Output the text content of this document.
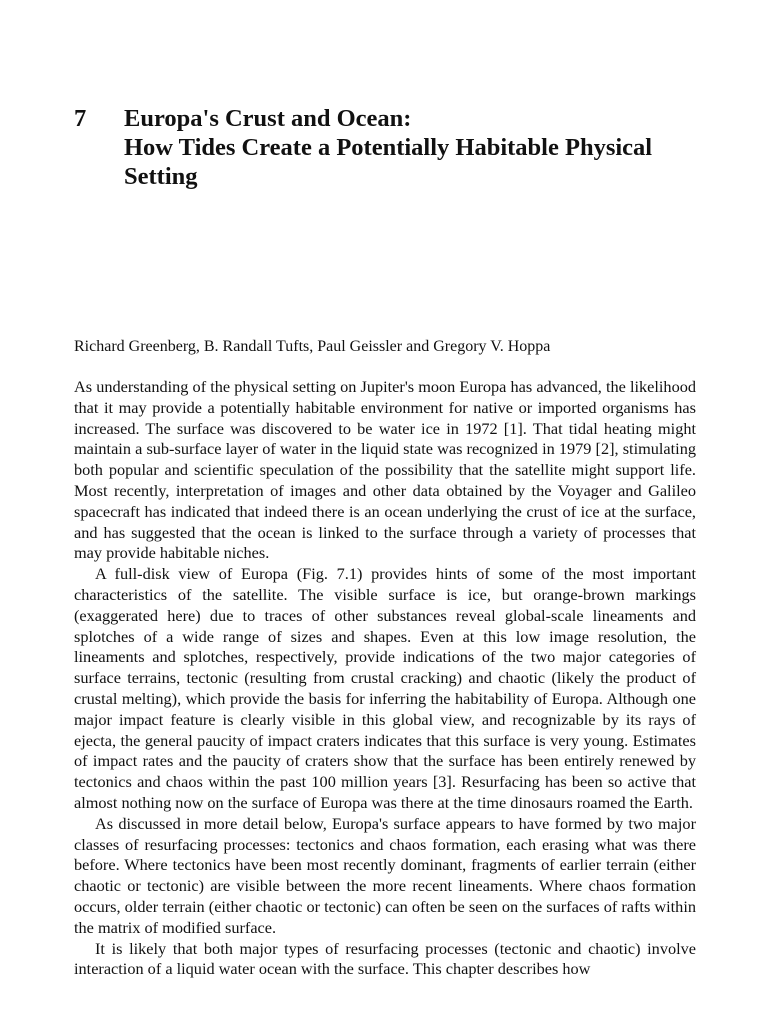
7	Europa's Crust and Ocean:
How Tides Create a Potentially Habitable Physical
Setting
Richard Greenberg, B. Randall Tufts, Paul Geissler and Gregory V. Hoppa

As understanding of the physical setting on Jupiter's moon Europa has advanced, the likelihood that it may provide a potentially habitable environment for native or imported organisms has increased. The surface was discovered to be water ice in 1972 [1]. That tidal heating might maintain a sub-surface layer of water in the liquid state was recognized in 1979 [2], stimulating both popular and scientific speculation of the possibility that the satellite might support life. Most recently, interpretation of images and other data obtained by the Voyager and Galileo spacecraft has indicated that indeed there is an ocean underlying the crust of ice at the surface, and has suggested that the ocean is linked to the surface through a variety of processes that may provide habitable niches.

A full-disk view of Europa (Fig. 7.1) provides hints of some of the most important characteristics of the satellite. The visible surface is ice, but orange-brown markings (exaggerated here) due to traces of other substances reveal global-scale lineaments and splotches of a wide range of sizes and shapes. Even at this low image resolution, the lineaments and splotches, respectively, provide indications of the two major categories of surface terrains, tectonic (resulting from crustal cracking) and chaotic (likely the product of crustal melting), which provide the basis for inferring the habitability of Europa. Although one major impact feature is clearly visible in this global view, and recognizable by its rays of ejecta, the general paucity of impact craters indicates that this surface is very young. Estimates of impact rates and the paucity of craters show that the surface has been entirely renewed by tectonics and chaos within the past 100 million years [3]. Resurfacing has been so active that almost nothing now on the surface of Europa was there at the time dinosaurs roamed the Earth.

As discussed in more detail below, Europa's surface appears to have formed by two major classes of resurfacing processes: tectonics and chaos formation, each erasing what was there before. Where tectonics have been most recently dominant, fragments of earlier terrain (either chaotic or tectonic) are visible between the more recent lineaments. Where chaos formation occurs, older terrain (either chaotic or tectonic) can often be seen on the surfaces of rafts within the matrix of modified surface.

It is likely that both major types of resurfacing processes (tectonic and chaotic) involve interaction of a liquid water ocean with the surface. This chapter describes how
